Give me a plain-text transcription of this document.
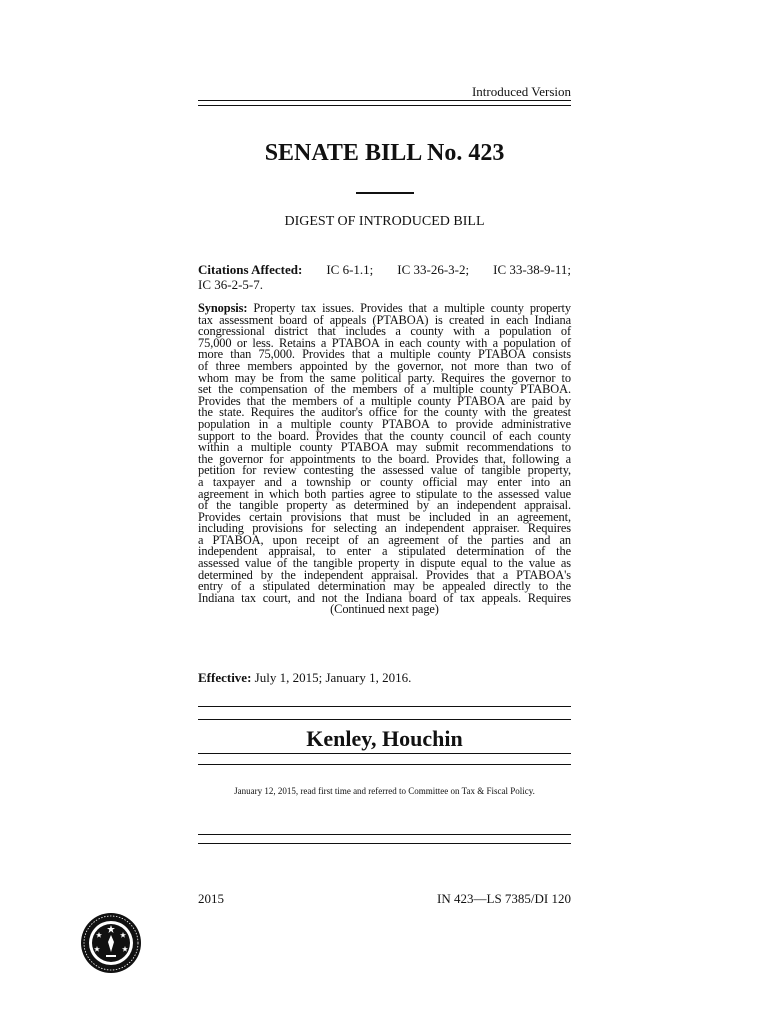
Introduced Version
SENATE BILL No. 423
DIGEST OF INTRODUCED BILL
Citations Affected: IC 6-1.1; IC 33-26-3-2; IC 33-38-9-11;
IC 36-2-5-7.
Synopsis: Property tax issues. Provides that a multiple county property
tax assessment board of appeals (PTABOA) is created in each Indiana
congressional district that includes a county with a population of
75,000 or less. Retains a PTABOA in each county with a population of
more than 75,000. Provides that a multiple county PTABOA consists
of three members appointed by the governor, not more than two of
whom may be from the same political party. Requires the governor to
set the compensation of the members of a multiple county PTABOA.
Provides that the members of a multiple county PTABOA are paid by
the state. Requires the auditor's office for the county with the greatest
population in a multiple county PTABOA to provide administrative
support to the board. Provides that the county council of each county
within a multiple county PTABOA may submit recommendations to
the governor for appointments to the board. Provides that, following a
petition for review contesting the assessed value of tangible property,
a taxpayer and a township or county official may enter into an
agreement in which both parties agree to stipulate to the assessed value
of the tangible property as determined by an independent appraisal.
Provides certain provisions that must be included in an agreement,
including provisions for selecting an independent appraiser. Requires
a PTABOA, upon receipt of an agreement of the parties and an
independent appraisal, to enter a stipulated determination of the
assessed value of the tangible property in dispute equal to the value as
determined by the independent appraisal. Provides that a PTABOA's
entry of a stipulated determination may be appealed directly to the
Indiana tax court, and not the Indiana board of tax appeals. Requires
(Continued next page)
Effective: July 1, 2015; January 1, 2016.
Kenley, Houchin
January 12, 2015, read first time and referred to Committee on Tax & Fiscal Policy.
2015	IN 423—LS 7385/DI 120
